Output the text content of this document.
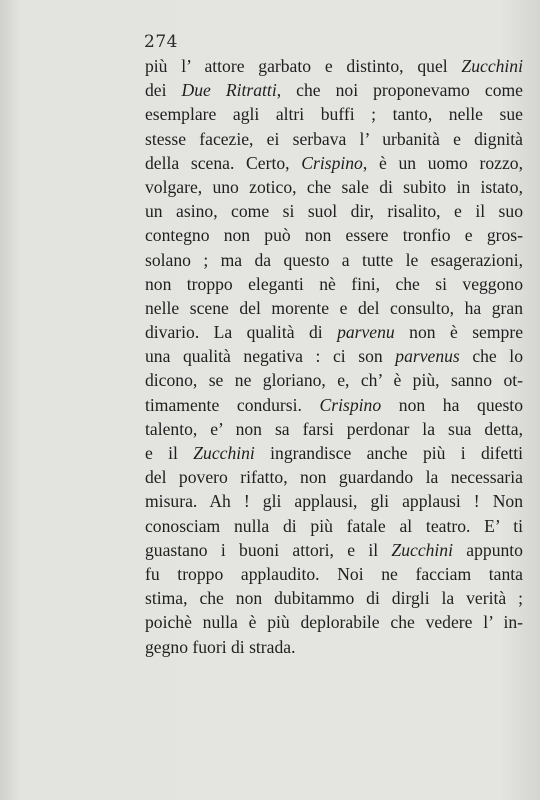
274
più l’ attore garbato e distinto, quel Zucchini
dei Due Ritratti, che noi proponevamo come
esemplare agli altri buffi ; tanto, nelle sue
stesse facezie, ei serbava l’ urbanità e dignità
della scena. Certo, Crispino, è un uomo rozzo,
volgare, uno zotico, che sale di subito in istato,
un asino, come si suol dir, risalito, e il suo
contegno non può non essere tronfio e gros-
solano ; ma da questo a tutte le esagerazioni,
non troppo eleganti nè fini, che si veggono
nelle scene del morente e del consulto, ha gran
divario. La qualità di parvenu non è sempre
una qualità negativa : ci son parvenus che lo
dicono, se ne gloriano, e, ch’ è più, sanno ot-
timamente condursi. Crispino non ha questo
talento, e’ non sa farsi perdonar la sua detta,
e il Zucchini ingrandisce anche più i difetti
del povero rifatto, non guardando la necessaria
misura. Ah ! gli applausi, gli applausi ! Non
conosciam nulla di più fatale al teatro. E’ ti
guastano i buoni attori, e il Zucchini appunto
fu troppo applaudito. Noi ne facciam tanta
stima, che non dubitammo di dirgli la verità ;
poichè nulla è più deplorabile che vedere l’ in-
gegno fuori di strada.
